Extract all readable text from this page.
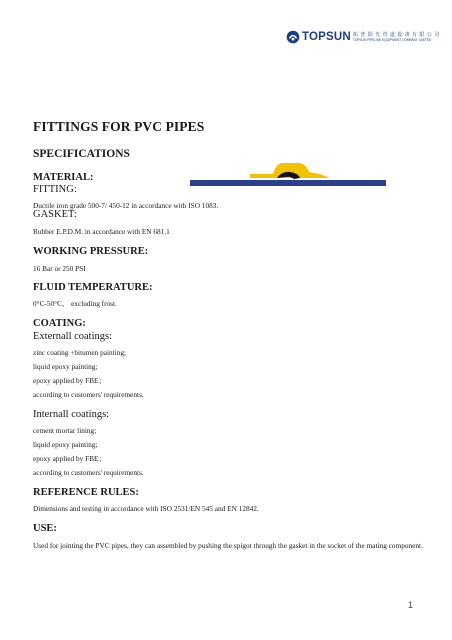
TOPSUN 拓 普 阳 光 管 道 设 备 有 限 公 司
TOPSUN PIPELINE EQUIPMENT COMPANY LIMITED
FITTINGS FOR PVC PIPES
SPECIFICATIONS
MATERIAL:
FITTING:
Ductile iron grade 500-7/ 450-12 in accordance with ISO 1083.
GASKET:
Rubber E.P.D.M. in accordance with EN 681.1
WORKING PRESSURE:
16 Bar or 250 PSI
FLUID TEMPERATURE:
0°C-50°C、 excluding frost.
COATING:
Externall coatings:
zinc coating +bitumen painting;
liquid epoxy painting;
epoxy applied by FBE；
according to customers' requirements.
Internall coatings:
cement mortar lining;
liquid epoxy painting;
epoxy applied by FBE；
according to customers' requirements.
REFERENCE RULES:
Dimensions and testing in accordance with ISO 2531/EN 545 and EN 12842.
USE:
Used for jointing the PVC pipes, they can assembled by pushing the spigot through the gasket in the socket of the mating component.
1
